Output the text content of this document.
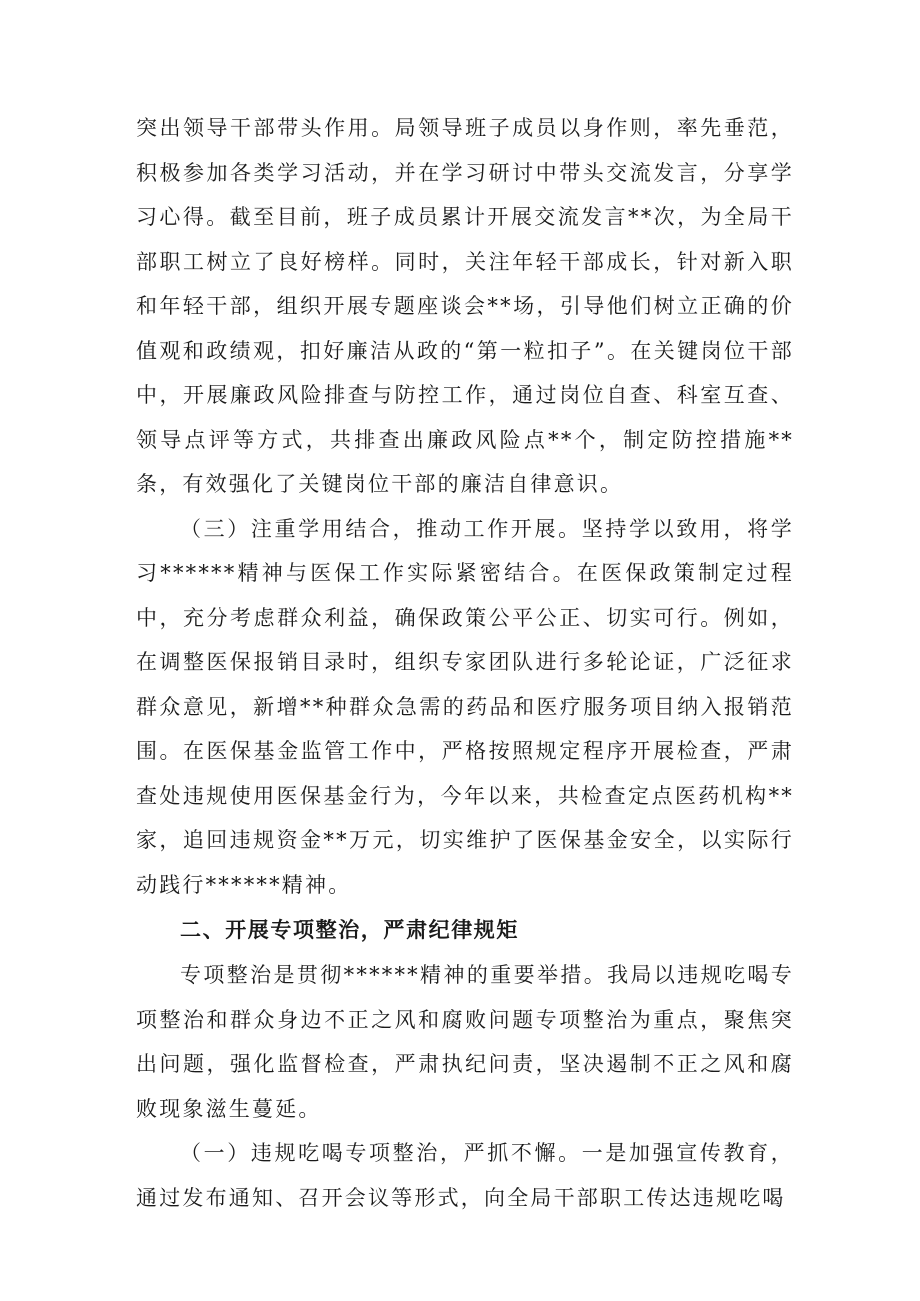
突出领导干部带头作用。局领导班子成员以身作则，率先垂范，积极参加各类学习活动，并在学习研讨中带头交流发言，分享学习心得。截至目前，班子成员累计开展交流发言**次，为全局干部职工树立了良好榜样。同时，关注年轻干部成长，针对新入职和年轻干部，组织开展专题座谈会**场，引导他们树立正确的价值观和政绩观，扣好廉洁从政的“第一粒扣子”。在关键岗位干部中，开展廉政风险排查与防控工作，通过岗位自查、科室互查、领导点评等方式，共排查出廉政风险点**个，制定防控措施**条，有效强化了关键岗位干部的廉洁自律意识。

（三）注重学用结合，推动工作开展。坚持学以致用，将学习******精神与医保工作实际紧密结合。在医保政策制定过程中，充分考虑群众利益，确保政策公平公正、切实可行。例如，在调整医保报销目录时，组织专家团队进行多轮论证，广泛征求群众意见，新增**种群众急需的药品和医疗服务项目纳入报销范围。在医保基金监管工作中，严格按照规定程序开展检查，严肃查处违规使用医保基金行为，今年以来，共检查定点医药机构**家，追回违规资金**万元，切实维护了医保基金安全，以实际行动践行******精神。

二、开展专项整治，严肃纪律规矩

专项整治是贯彻******精神的重要举措。我局以违规吃喝专项整治和群众身边不正之风和腐败问题专项整治为重点，聚焦突出问题，强化监督检查，严肃执纪问责，坚决遏制不正之风和腐败现象滋生蔓延。

（一）违规吃喝专项整治，严抓不懈。一是加强宣传教育，通过发布通知、召开会议等形式，向全局干部职工传达违规吃喝
